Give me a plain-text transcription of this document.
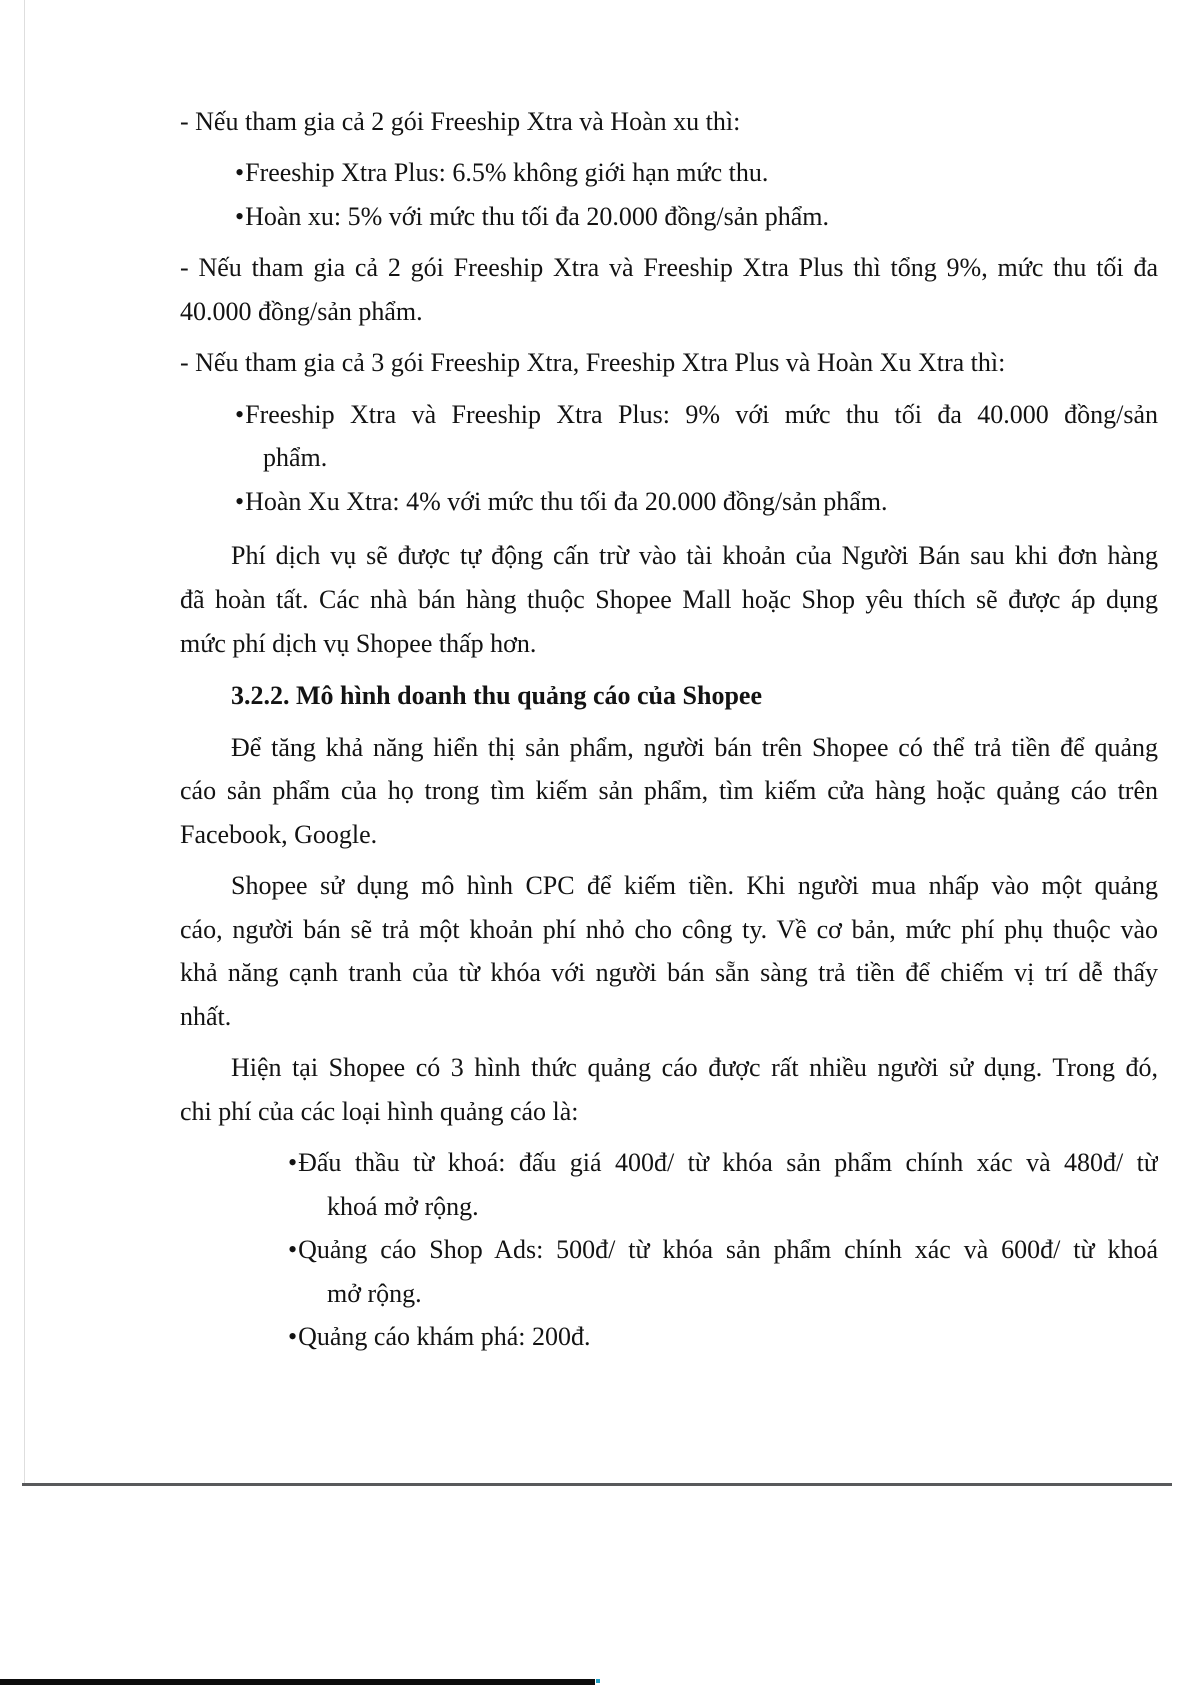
- Nếu tham gia cả 2 gói Freeship Xtra và Hoàn xu thì:
•Freeship Xtra Plus: 6.5% không giới hạn mức thu.
•Hoàn xu: 5% với mức thu tối đa 20.000 đồng/sản phẩm.
- Nếu tham gia cả 2 gói Freeship Xtra và Freeship Xtra Plus thì tổng 9%, mức thu tối đa
40.000 đồng/sản phẩm.
- Nếu tham gia cả 3 gói Freeship Xtra, Freeship Xtra Plus và Hoàn Xu Xtra thì:
•Freeship Xtra và Freeship Xtra Plus: 9% với mức thu tối đa 40.000 đồng/sản
phẩm.
•Hoàn Xu Xtra: 4% với mức thu tối đa 20.000 đồng/sản phẩm.
Phí dịch vụ sẽ được tự động cấn trừ vào tài khoản của Người Bán sau khi đơn hàng
đã hoàn tất. Các nhà bán hàng thuộc Shopee Mall hoặc Shop yêu thích sẽ được áp dụng
mức phí dịch vụ Shopee thấp hơn.
3.2.2. Mô hình doanh thu quảng cáo của Shopee
Để tăng khả năng hiển thị sản phẩm, người bán trên Shopee có thể trả tiền để quảng
cáo sản phẩm của họ trong tìm kiếm sản phẩm, tìm kiếm cửa hàng hoặc quảng cáo trên
Facebook, Google.
Shopee sử dụng mô hình CPC để kiếm tiền. Khi người mua nhấp vào một quảng
cáo, người bán sẽ trả một khoản phí nhỏ cho công ty. Về cơ bản, mức phí phụ thuộc vào
khả năng cạnh tranh của từ khóa với người bán sẵn sàng trả tiền để chiếm vị trí dễ thấy
nhất.
Hiện tại Shopee có 3 hình thức quảng cáo được rất nhiều người sử dụng. Trong đó,
chi phí của các loại hình quảng cáo là:
•Đấu thầu từ khoá: đấu giá 400đ/ từ khóa sản phẩm chính xác và 480đ/ từ
khoá mở rộng.
•Quảng cáo Shop Ads: 500đ/ từ khóa sản phẩm chính xác và 600đ/ từ khoá
mở rộng.
•Quảng cáo khám phá: 200đ.
